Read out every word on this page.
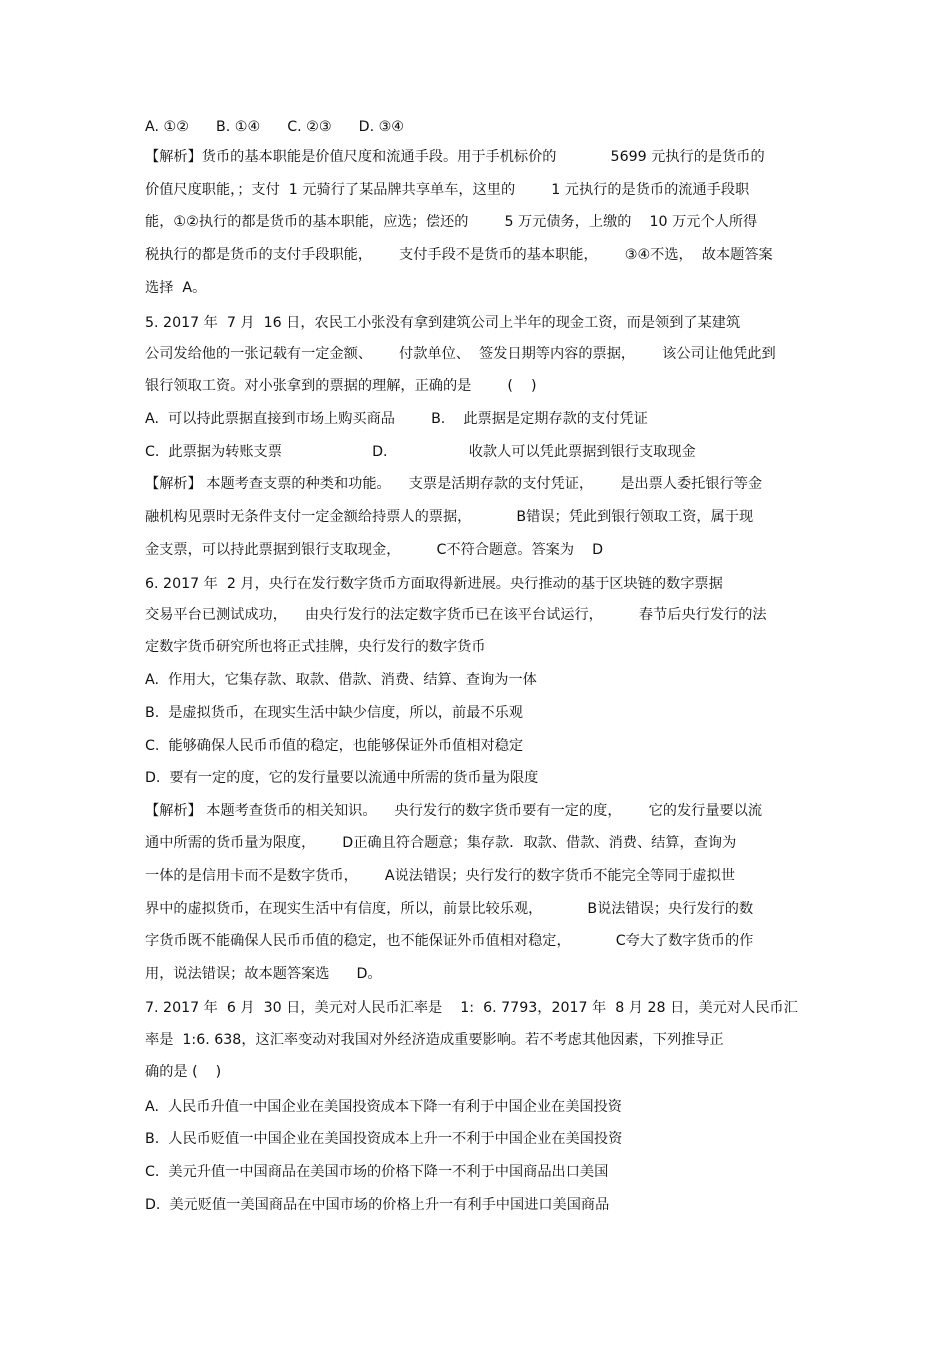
A. ①②      B. ①④      C. ②③      D. ③④
【解析】货币的基本职能是价值尺度和流通手段。用于手机标价的            5699 元执行的是货币的
价值尺度职能，；支付  1 元骑行了某品牌共享单车，这里的        1 元执行的是货币的流通手段职
能，①②执行的都是货币的基本职能，应选；偿还的        5 万元债务，上缴的    10 万元个人所得
税执行的都是货币的支付手段职能，      支付手段不是货币的基本职能，      ③④不选，  故本题答案
选择  A。
5. 2017 年  7 月  16 日，农民工小张没有拿到建筑公司上半年的现金工资，而是领到了某建筑
公司发给他的一张记载有一定金额、      付款单位、  签发日期等内容的票据，      该公司让他凭此到
银行领取工资。对小张拿到的票据的理解，正确的是        (    )
A.  可以持此票据直接到市场上购买商品        B.    此票据是定期存款的支付凭证
C.  此票据为转账支票                    D.                  收款人可以凭此票据到银行支取现金
【解析】 本题考查支票的种类和功能。    支票是活期存款的支付凭证，      是出票人委托银行等金
融机构见票时无条件支付一定金额给持票人的票据，          B错误；凭此到银行领取工资，属于现
金支票，可以持此票据到银行支取现金，        C不符合题意。答案为    D
6. 2017 年  2 月，央行在发行数字货币方面取得新进展。央行推动的基于区块链的数字票据
交易平台已测试成功，    由央行发行的法定数字货币已在该平台试运行，        春节后央行发行的法
定数字货币研究所也将正式挂牌，央行发行的数字货币
A.  作用大，它集存款、取款、借款、消费、结算、查询为一体
B.  是虚拟货币，在现实生活中缺少信度，所以，前最不乐观
C.  能够确保人民币币值的稳定，也能够保证外币值相对稳定
D.  要有一定的度，它的发行量要以流通中所需的货币量为限度
【解析】 本题考查货币的相关知识。    央行发行的数字货币要有一定的度，      它的发行量要以流
通中所需的货币量为限度，      D正确且符合题意；集存款．取款、借款、消费、结算，查询为
一体的是信用卡而不是数字货币，      A说法错误；央行发行的数字货币不能完全等同于虚拟世
界中的虚拟货币，在现实生活中有信度，所以，前景比较乐观，          B说法错误；央行发行的数
字货币既不能确保人民币币值的稳定，也不能保证外币值相对稳定，          C夸大了数字货币的作
用，说法错误；故本题答案选      D。
7. 2017 年  6 月  30 日，美元对人民币汇率是    1:  6. 7793，2017 年  8 月 28 日，美元对人民币汇
率是  1:6. 638，这汇率变动对我国对外经济造成重要影响。若不考虑其他因素，下列推导正
确的是 (    )
A.  人民币升值一中国企业在美国投资成本下降一有利于中国企业在美国投资
B.  人民币贬值一中国企业在美国投资成本上升一不利于中国企业在美国投资
C.  美元升值一中国商品在美国市场的价格下降一不利于中国商品出口美国
D.  美元贬值一美国商品在中国市场的价格上升一有利手中国进口美国商品
